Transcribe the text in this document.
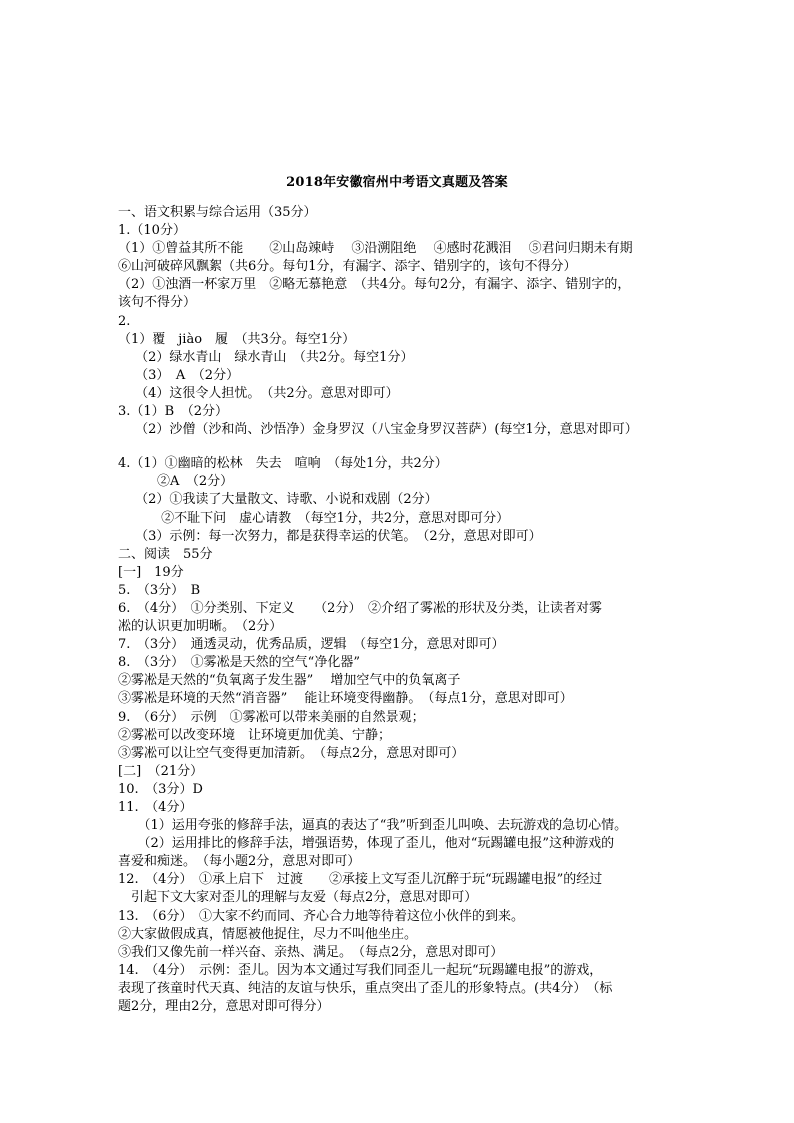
2018年安徽宿州中考语文真题及答案
一、语文积累与综合运用（35分）
1.（10分）
（1）①曾益其所不能　　②山岛竦峙　 ③沿溯阻绝　 ④感时花溅泪　 ⑤君问归期未有期
⑥山河破碎风飘絮（共6分。每句1分，有漏字、添字、错别字的，该句不得分）
（2）①浊酒一杯家万里　②略无慕艳意　（共4分。每句2分，有漏字、添字、错别字的，
该句不得分）
2.
（1）覆　jiào　履　（共3分。每空1分）
　 （2）绿水青山　绿水青山　（共2分。每空1分）
　 （3）　A　（2分）
　 （4）这很令人担忧。　（共2分。意思对即可）
3.（1）B　（2分）
　 （2）沙僧（沙和尚、沙悟净）金身罗汉（八宝金身罗汉菩萨）(每空1分，意思对即可）
4.（1）①幽暗的松林　失去　喧响　（每处1分，共2分）
　　　②A　（2分）
　 （2）①我读了大量散文、诗歌、小说和戏剧（2分）
　　　 ②不耻下问　虚心请教　（每空1分，共2分，意思对即可分）
　 （3）示例：每一次努力，都是获得幸运的伏笔。　（2分，意思对即可）
二、阅读　55分
[一]　19分
5.　（3分）　B
6.　（4分）　①分类别、下定义　　（2分）　②介绍了雾凇的形状及分类，让读者对雾
凇的认识更加明晰。　（2分）
7.　（3分）　通透灵动，优秀品质，逻辑　（每空1分，意思对即可）
8.　（3分）　①雾凇是天然的空气“净化器”
②雾凇是天然的“负氧离子发生器”　 增加空气中的负氧离子
③雾凇是环境的天然“消音器”　 能让环境变得幽静。　（每点1分，意思对即可）
9.　（6分）　示例　①雾凇可以带来美丽的自然景观；
②雾凇可以改变环境　让环境更加优美、宁静；
③雾凇可以让空气变得更加清新。　（每点2分，意思对即可）
[二]　（21分）
10.　（3分）D
11.　（4分）
　　（1）运用夸张的修辞手法，逼真的表达了“我”听到歪儿叫唤、去玩游戏的急切心情。
　　（2）运用排比的修辞手法，增强语势，体现了歪儿，他对“玩踢罐电报”这种游戏的
喜爱和痴迷。　（每小题2分，意思对即可）
12.　（4分）　①承上启下　过渡　　②承接上文写歪儿沉醉于玩“玩踢罐电报”的经过
　引起下文大家对歪儿的理解与友爱（每点2分，意思对即可）
13.　（6分）　①大家不约而同、齐心合力地等待着这位小伙伴的到来。
②大家做假成真，情愿被他捉住，尽力不叫他坐庄。
③我们又像先前一样兴奋、亲热、满足。　（每点2分，意思对即可）
14.　（4分）　示例：歪儿。因为本文通过写我们同歪儿一起玩“玩踢罐电报”的游戏，
表现了孩童时代天真、纯洁的友谊与快乐，重点突出了歪儿的形象特点。(共4分）　（标
题2分，理由2分，意思对即可得分）
